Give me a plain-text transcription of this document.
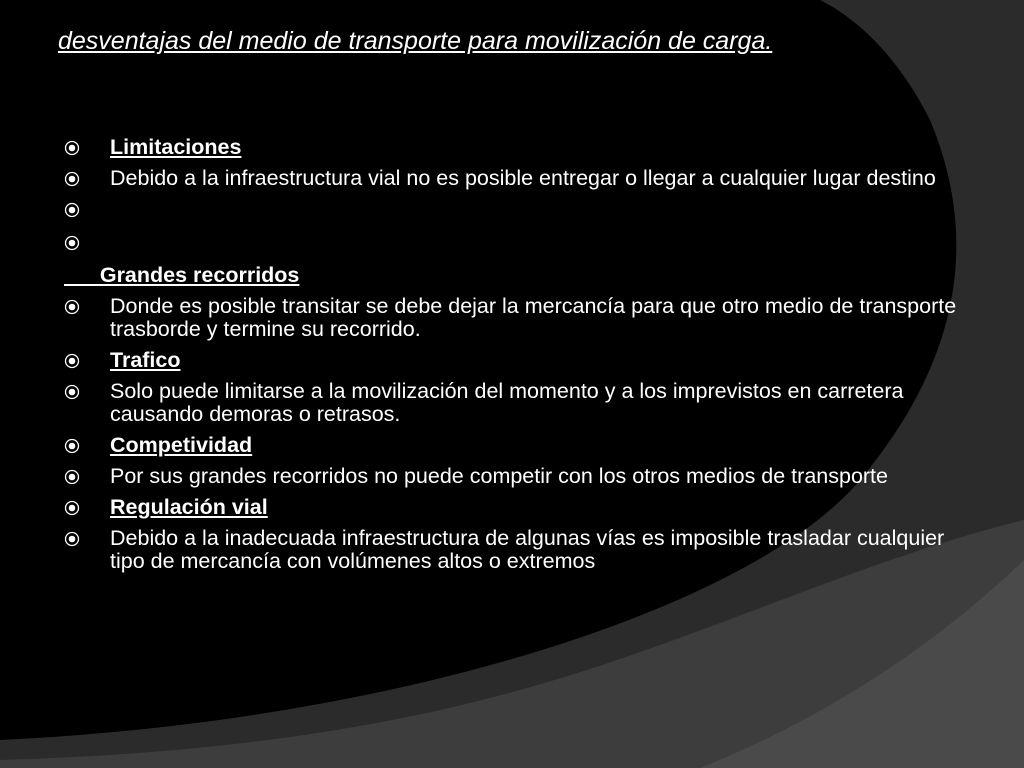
desventajas del medio de transporte para movilización de carga.
Limitaciones
Debido a la infraestructura vial no es posible entregar o llegar a cualquier lugar destino
Grandes recorridos
Donde es posible transitar se debe dejar la mercancía para que otro medio de transporte trasborde y termine su recorrido.
Trafico
Solo puede limitarse a la movilización del momento y a los imprevistos en carretera causando demoras o retrasos.
Competividad
Por sus grandes recorridos no puede competir con los otros medios de transporte
Regulación vial
Debido a la inadecuada infraestructura de algunas vías es imposible trasladar cualquier tipo de mercancía con volúmenes altos o extremos
